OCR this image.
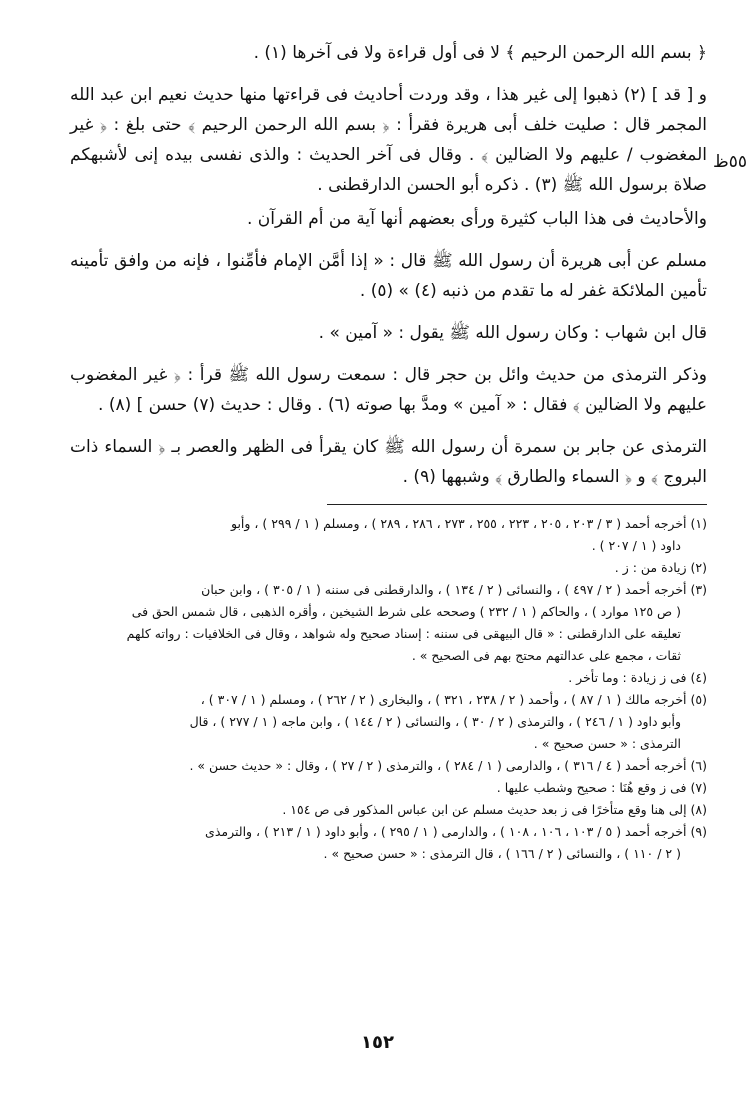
٥٥ظ

﴿ بسم الله الرحمن الرحيم ﴾ لا فى أول قراءة ولا فى آخرها (١) .

و [ قد ] (٢) ذهبوا إلى غير هذا ، وقد وردت أحاديث فى قراءتها منها حديث نعيم ابن عبد الله المجمر قال : صليت خلف أبى هريرة فقرأ : ﴿ بسم الله الرحمن الرحيم ﴾ حتى بلغ : ﴿ غير المغضوب / عليهم ولا الضالين ﴾ . وقال فى آخر الحديث : والذى نفسى بيده إنى لأشبهكم صلاة برسول الله ﷺ (٣) . ذكره أبو الحسن الدارقطنى .

والأحاديث فى هذا الباب كثيرة ورأى بعضهم أنها آية من أم القرآن .

مسلم عن أبى هريرة أن رسول الله ﷺ قال : « إذا أمَّن الإمام فأمِّنوا ، فإنه من وافق تأمينه تأمين الملائكة غفر له ما تقدم من ذنبه (٤) » (٥) .

قال ابن شهاب : وكان رسول الله ﷺ يقول : « آمين » .

وذكر الترمذى من حديث وائل بن حجر قال : سمعت رسول الله ﷺ قرأ : ﴿ غير المغضوب عليهم ولا الضالين ﴾ فقال : « آمين » ومدَّ بها صوته (٦) . وقال : حديث (٧) حسن ] (٨) .

الترمذى عن جابر بن سمرة أن رسول الله ﷺ كان يقرأ فى الظهر والعصر بـ ﴿ السماء ذات البروج ﴾ و ﴿ السماء والطارق ﴾ وشبهها (٩) .

(١) أخرجه أحمد ( ٣ / ٢٠٣ ، ٢٠٥ ، ٢٢٣ ، ٢٥٥ ، ٢٧٣ ، ٢٨٦ ، ٢٨٩ ) ، ومسلم ( ١ / ٢٩٩ ) ، وأبو

داود ( ١ / ٢٠٧ ) .

(٢) زيادة من : ز .

(٣) أخرجه أحمد ( ٢ / ٤٩٧ ) ، والنسائى ( ٢ / ١٣٤ ) ، والدارقطنى فى سننه ( ١ / ٣٠٥ ) ، وابن حبان

( ص ١٢٥ موارد ) ، والحاكم ( ١ / ٢٣٢ ) وصححه على شرط الشيخين ، وأقره الذهبى ، قال شمس الحق فى

تعليقه على الدارقطنى : « قال البيهقى فى سننه : إسناد صحيح وله شواهد ، وقال فى الخلافيات : رواته كلهم

ثقات ، مجمع على عدالتهم محتج بهم فى الصحيح » .

(٤) فى ز زيادة : وما تأخر .

(٥) أخرجه مالك ( ١ / ٨٧ ) ، وأحمد ( ٢ / ٢٣٨ ، ٣٢١ ) ، والبخارى ( ٢ / ٢٦٢ ) ، ومسلم ( ١ / ٣٠٧ ) ،

وأبو داود ( ١ / ٢٤٦ ) ، والترمذى ( ٢ / ٣٠ ) ، والنسائى ( ٢ / ١٤٤ ) ، وابن ماجه ( ١ / ٢٧٧ ) ، قال

الترمذى : « حسن صحيح » .

(٦) أخرجه أحمد ( ٤ / ٣١٦ ) ، والدارمى ( ١ / ٢٨٤ ) ، والترمذى ( ٢ / ٢٧ ) ، وقال : « حديث حسن » .

(٧) فى ز وقع هُنَا : صحيح وشطب عليها .

(٨) إلى هنا وقع متأخرًا فى ز بعد حديث مسلم عن ابن عباس المذكور فى ص ١٥٤ .

(٩) أخرجه أحمد ( ٥ / ١٠٣ ، ١٠٦ ، ١٠٨ ) ، والدارمى ( ١ / ٢٩٥ ) ، وأبو داود ( ١ / ٢١٣ ) ، والترمذى

( ٢ / ١١٠ ) ، والنسائى ( ٢ / ١٦٦ ) ، قال الترمذى : « حسن صحيح » .

١٥٢
